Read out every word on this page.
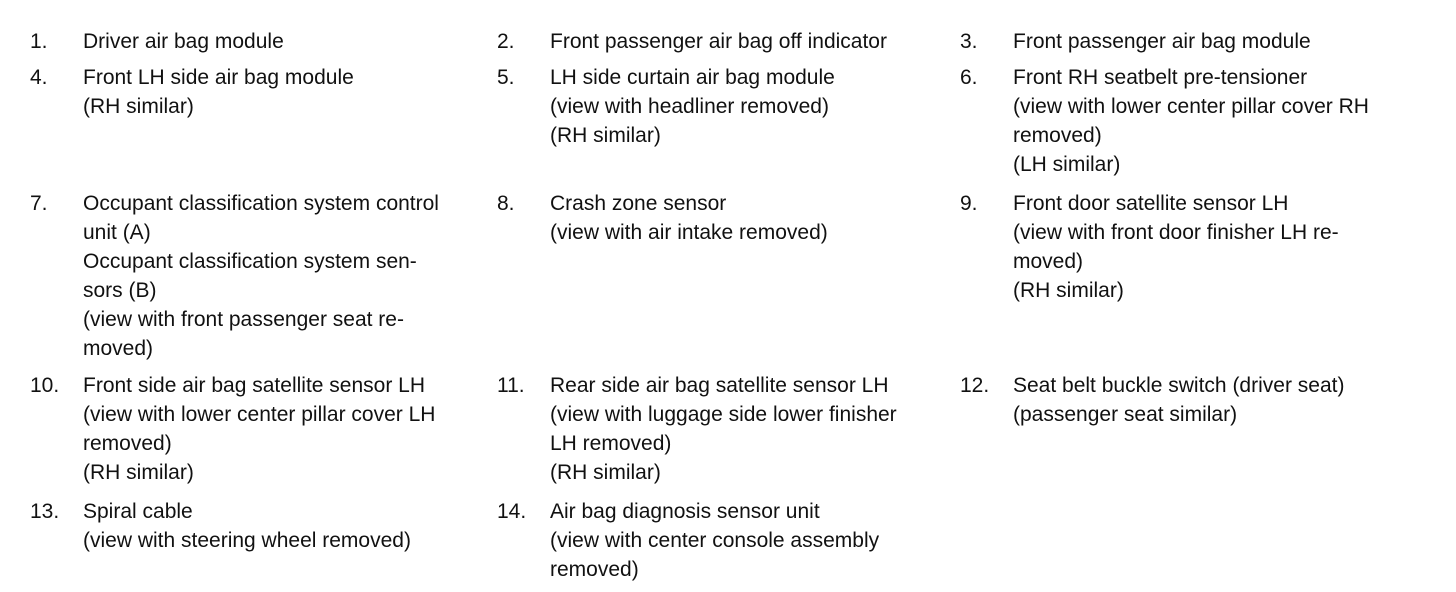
1. Driver air bag module	2. Front passenger air bag off indicator	3. Front passenger air bag module
4. Front LH side air bag module
(RH similar)
5. LH side curtain air bag module
(view with headliner removed)
(RH similar)
6. Front RH seatbelt pre-tensioner
(view with lower center pillar cover RH
removed)
(LH similar)
7. Occupant classification system control
unit (A)
Occupant classification system sen-
sors (B)
(view with front passenger seat re-
moved)
8. Crash zone sensor
(view with air intake removed)
9. Front door satellite sensor LH
(view with front door finisher LH re-
moved)
(RH similar)
10. Front side air bag satellite sensor LH
(view with lower center pillar cover LH
removed)
(RH similar)
11. Rear side air bag satellite sensor LH
(view with luggage side lower finisher
LH removed)
(RH similar)
12. Seat belt buckle switch (driver seat)
(passenger seat similar)
13. Spiral cable
(view with steering wheel removed)
14. Air bag diagnosis sensor unit
(view with center console assembly
removed)
